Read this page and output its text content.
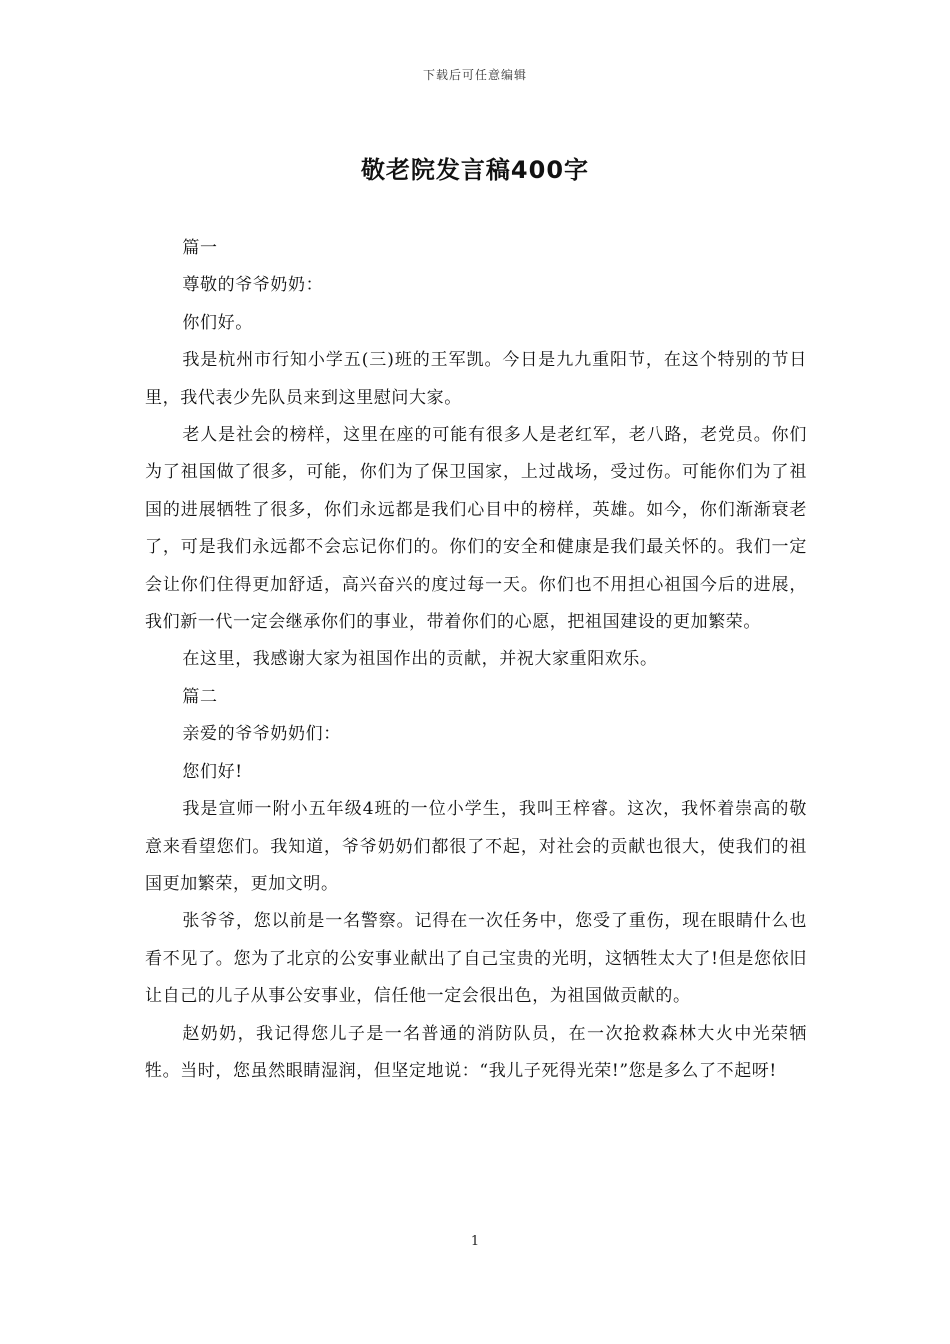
下载后可任意编辑
敬老院发言稿400字

篇一

尊敬的爷爷奶奶：

你们好。

我是杭州市行知小学五(三)班的王军凯。今日是九九重阳节，在这个特别的节日里，我代表少先队员来到这里慰问大家。

老人是社会的榜样，这里在座的可能有很多人是老红军，老八路，老党员。你们为了祖国做了很多，可能，你们为了保卫国家，上过战场，受过伤。可能你们为了祖国的进展牺牲了很多，你们永远都是我们心目中的榜样，英雄。如今，你们渐渐衰老了，可是我们永远都不会忘记你们的。你们的安全和健康是我们最关怀的。我们一定会让你们住得更加舒适，高兴奋兴的度过每一天。你们也不用担心祖国今后的进展，我们新一代一定会继承你们的事业，带着你们的心愿，把祖国建设的更加繁荣。

在这里，我感谢大家为祖国作出的贡献，并祝大家重阳欢乐。

篇二

亲爱的爷爷奶奶们：

您们好!

我是宣师一附小五年级4班的一位小学生，我叫王梓睿。这次，我怀着崇高的敬意来看望您们。我知道，爷爷奶奶们都很了不起，对社会的贡献也很大，使我们的祖国更加繁荣，更加文明。

张爷爷，您以前是一名警察。记得在一次任务中，您受了重伤，现在眼睛什么也看不见了。您为了北京的公安事业献出了自己宝贵的光明，这牺牲太大了!但是您依旧让自己的儿子从事公安事业，信任他一定会很出色，为祖国做贡献的。

赵奶奶，我记得您儿子是一名普通的消防队员，在一次抢救森林大火中光荣牺牲。当时，您虽然眼睛湿润，但坚定地说：“我儿子死得光荣!”您是多么了不起呀!

1
